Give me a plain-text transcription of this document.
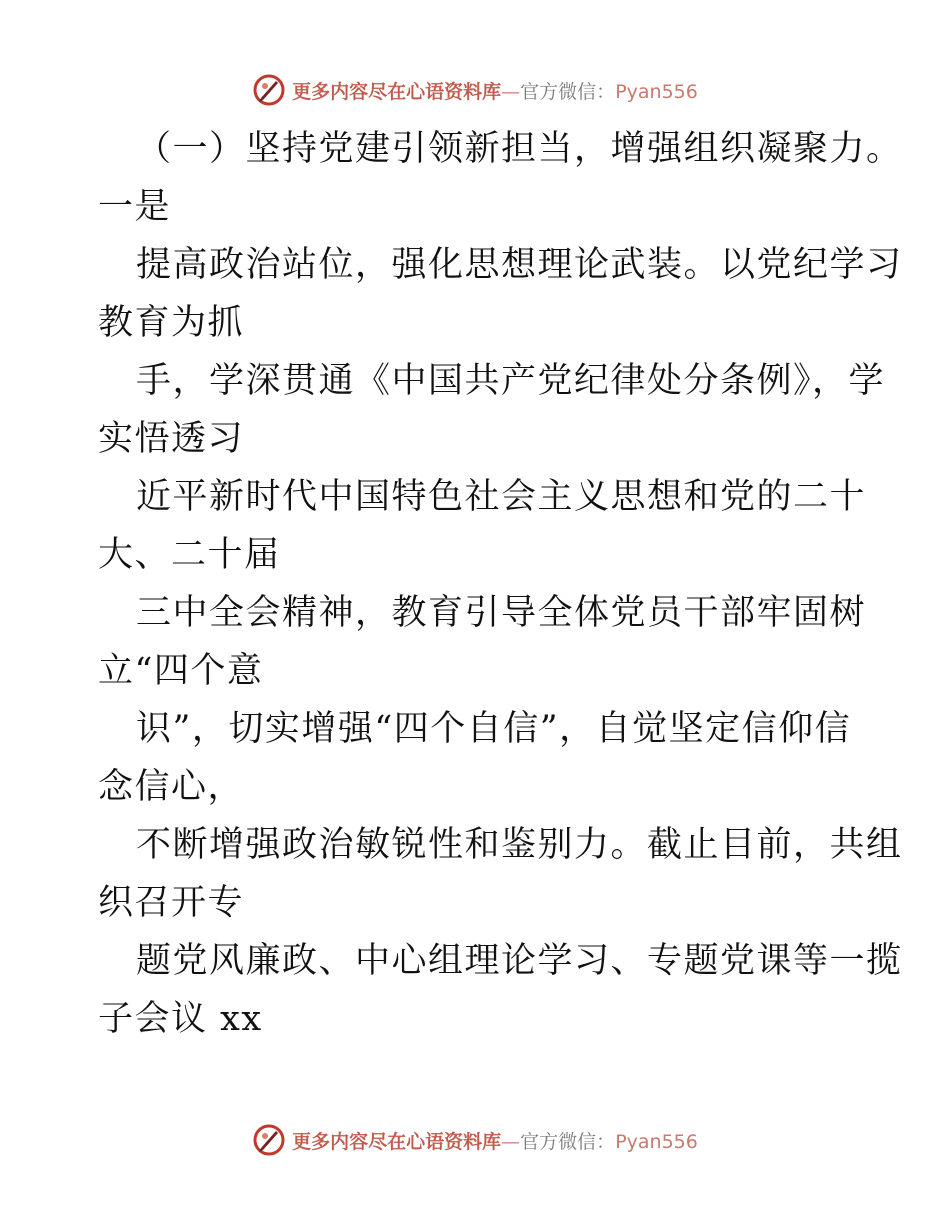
更多内容尽在心语资料库—官方微信：Pyan556
（一）坚持党建引领新担当，增强组织凝聚力。
一是
提高政治站位，强化思想理论武装。以党纪学习
教育为抓
手，学深贯通《中国共产党纪律处分条例》，学
实悟透习
近平新时代中国特色社会主义思想和党的二十
大、二十届
三中全会精神，教育引导全体党员干部牢固树
立“四个意
识”，切实增强“四个自信”，自觉坚定信仰信
念信心，
不断增强政治敏锐性和鉴别力。截止目前，共组
织召开专
题党风廉政、中心组理论学习、专题党课等一揽
子会议 xx
更多内容尽在心语资料库—官方微信：Pyan556
